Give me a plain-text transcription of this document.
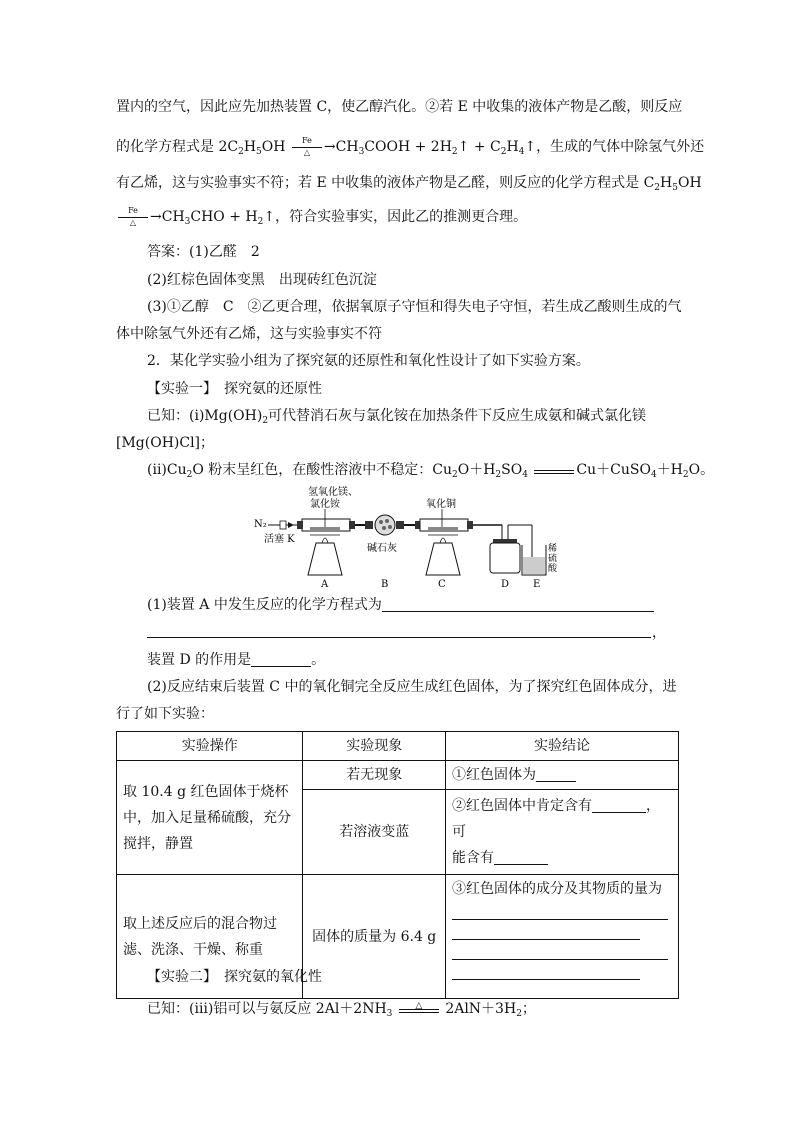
置内的空气，因此应先加热装置 C，使乙醇汽化。②若 E 中收集的液体产物是乙酸，则反应
的化学方程式是 $2C_2H_5OH$	Fe
△ $\to CH_3COOH$ + $2H_2↑$ + $C_2H_4↑$，生成的气体中除氢气外还
有乙烯，这与实验事实不符；若 E 中收集的液体产物是乙醛，则反应的化学方程式是 $C_2H_5OH$
Fe
△ $\to CH_3CHO$ + $H_2↑$，符合实验事实，因此乙的推测更合理。
答案：(1)乙醛　2
(2)红棕色固体变黑　出现砖红色沉淀
(3)①乙醇　C　②乙更合理，依据氧原子守恒和得失电子守恒，若生成乙酸则生成的气
体中除氢气外还有乙烯，这与实验事实不符
2．某化学实验小组为了探究氨的还原性和氧化性设计了如下实验方案。
【实验一】　探究氨的还原性
已知：$(ⅰ)Mg(OH)_2$可代替消石灰与氯化铵在加热条件下反应生成氨和碱式氯化镁
[Mg(OH)Cl]；
$(ⅱ)Cu_2O$ 粉末呈红色，在酸性溶液中不稳定：$Cu_2O+H_2SO_4$	$Cu+CuSO_4+H_2O$。
N₂
活塞 K
氢氧化镁、
氯化铵
A
碱石灰
B
氧化铜
C	D
稀硫酸
E
(1)装置 A 中发生反应的化学方程式为
，
装置 D 的作用是	。
(2)反应结束后装置 C 中的氧化铜完全反应生成红色固体，为了探究红色固体成分，进
行了如下实验：
实验操作	实验现象	实验结论
取 10.4 g 红色固体于烧杯中，加入足量稀硫酸，充分搅拌，静置	若无现象	①红色固体为
	若溶液变蓝	②红色固体中肯定含有 ，可
能含有
取上述反应后的混合物过滤、洗涤、干燥、称重	固体的质量为 6.4 g	③红色固体的成分及其物质的量为
【实验二】　探究氨的氧化性
已知：(ⅲ)铝可以与氨反应 $2Al+2NH_3$
△	$2AlN+3H_2$；
